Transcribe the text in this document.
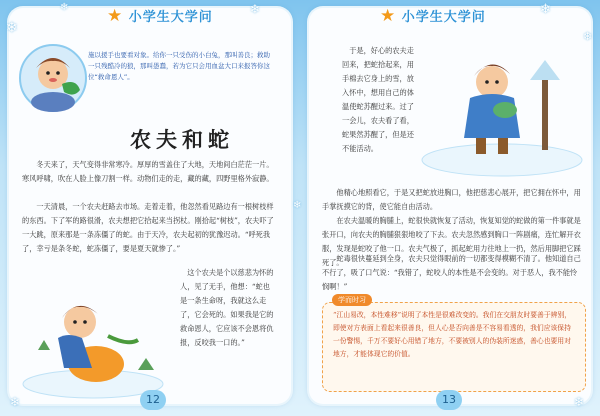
❄
❄	❄	❄
❄
❄	❄
❄
★ 小学生大学问	★ 小学生大学问
施以援手也要看对象。给你一只受伤的小白兔，那叫善良；救助一只残酷冷的狼，那叫愚蠢，若为它只会用血盆大口来报答你这位“救命恩人”。
农夫和蛇

冬天来了，天气变得非常寒冷。厚厚的雪盖住了大地，天地间白茫茫一片。寒风呼啸，吹在人脸上像刀割一样。动物们走的走，藏的藏，四野里格外寂静。

一天清晨，一个农夫赶路去市场。走着走着，他忽然看见路边有一根树枝样的东西。下了军的路很滑，农夫想把它拾起来当拐杖。刚拾起“树枝”，农夫吓了一大跳，原来那是一条冻僵了的蛇。由于天冷，农夫起初的犹豫迟动。“呼死我了，幸亏是条冬蛇，蛇冻僵了，要是夏天就惨了。”

这个农夫是个以慈悲为怀的人，见了无手，他想：“蛇也是一条生命呀，我就这么走了，它会死的。如果我是它的救命恩人，它应该不会恩将仇报，反咬我一口的。”

于是，好心的农夫走回来，把蛇拾起来，用手棉去它身上的雪，放入怀中，想用自己的体温使蛇苏醒过来。过了一会儿，农夫看了看，蛇果然苏醒了，但是还不能活动。

他精心地照看它，于是又把蛇放进胸口，他把慈悲心展开，把它拥在怀中，用手掌抚摸它的背，使它能自由活动。

在农夫温暖的胸脯上，蛇很快就恢复了活动，恢复知觉的蛇做的第一件事就是张开口，向农夫的胸脯狠狠地咬了下去。农夫忽然感到胸口一阵剧痛，连忙解开衣服，发现是蛇咬了他一口。农夫气极了，抓起蛇用力往地上一扔，然后用脚把它踩死了。

蛇毒很快蔓延到全身，农夫只觉得眼前的一切都变得模糊不清了。他知道自己不行了，吸了口气说：“我错了，蛇咬人的本性是不会变的。对于恶人，我不能怜悯啊！”

学而时习

“江山易改，本性难移”说明了本性是很难改变的。我们在交朋友时要善于辨别，即使对方表面上看起来很善良，但人心是否向善是不容易看透的，我们应该保持一份警惕，千万不要好心用错了地方，不要被别人的伪装所迷惑，善心也要用对地方，才能体现它的价值。

12	13
